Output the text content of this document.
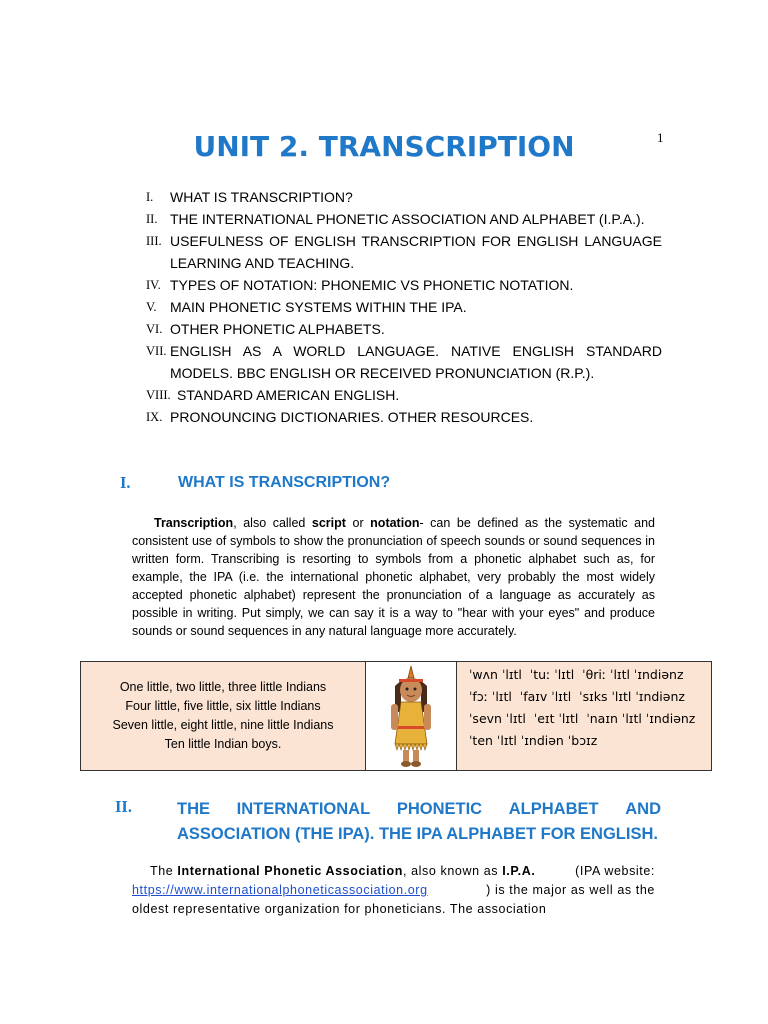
1
UNIT 2. TRANSCRIPTION
I.	WHAT IS TRANSCRIPTION?
II. THE INTERNATIONAL PHONETIC ASSOCIATION AND ALPHABET (I.P.A.).
III. USEFULNESS OF ENGLISH TRANSCRIPTION FOR ENGLISH LANGUAGE LEARNING AND TEACHING.
IV. TYPES OF NOTATION: PHONEMIC VS PHONETIC NOTATION.
V. MAIN PHONETIC SYSTEMS WITHIN THE IPA.
VI. OTHER PHONETIC ALPHABETS.
VII. ENGLISH AS A WORLD LANGUAGE. NATIVE ENGLISH STANDARD MODELS. BBC ENGLISH OR RECEIVED PRONUNCIATION (R.P.).
VIII. STANDARD AMERICAN ENGLISH.
IX. PRONOUNCING DICTIONARIES. OTHER RESOURCES.
I.	WHAT IS TRANSCRIPTION?
Transcription, also called script or notation- can be defined as the systematic and consistent use of symbols to show the pronunciation of speech sounds or sound sequences in written form. Transcribing is resorting to symbols from a phonetic alphabet such as, for example, the IPA (i.e. the international phonetic alphabet, very probably the most widely accepted phonetic alphabet) represent the pronunciation of a language as accurately as possible in writing. Put simply, we can say it is a way to "hear with your eyes" and produce sounds or sound sequences in any natural language more accurately.
One little, two little, three little Indians
Four little, five little, six little Indians
Seven little, eight little, nine little Indians
Ten little Indian boys.
ˈwʌn ˈlɪtl  ˈtuː ˈlɪtl  ˈθriː ˈlɪtl ˈɪndiənz
ˈfɔː ˈlɪtl  ˈfaɪv ˈlɪtl  ˈsɪks ˈlɪtl ˈɪndiənz
ˈsevn ˈlɪtl  ˈeɪt ˈlɪtl  ˈnaɪn ˈlɪtl ˈɪndiənz
ˈten ˈlɪtl ˈɪndiən ˈbɔɪz
II.	THE INTERNATIONAL PHONETIC ALPHABET AND
ASSOCIATION (THE IPA). THE IPA ALPHABET FOR ENGLISH.
The International Phonetic Association, also known as I.P.A.	(IPA website:
https://www.internationalphoneticassociation.org	) is the major as well as the
oldest representative organization for phoneticians. The association
